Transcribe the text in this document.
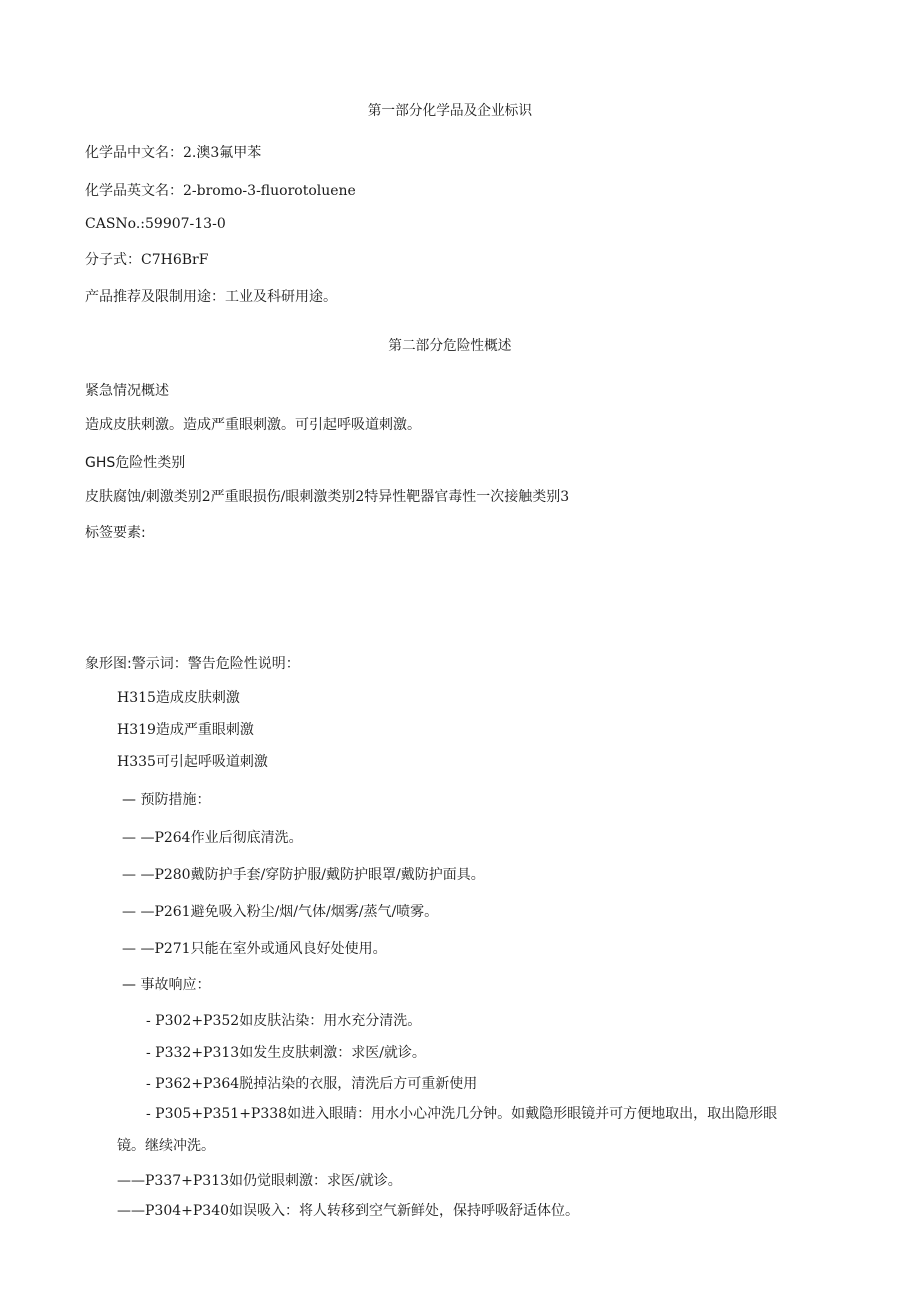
第一部分化学品及企业标识
化学品中文名：2.澳3氟甲苯
化学品英文名：2-bromo-3-fluorotoluene
CASNo.:59907-13-0
分子式：C7H6BrF
产品推荐及限制用途：工业及科研用途。
第二部分危险性概述
紧急情况概述
造成皮肤刺激。造成严重眼刺激。可引起呼吸道刺激。
GHS危险性类别
皮肤腐蚀/刺激类别2严重眼损伤/眼刺激类别2特异性靶器官毒性一次接触类别3
标签要素:
象形图:警示词：警告危险性说明：
H315造成皮肤刺激
H319造成严重眼刺激
H335可引起呼吸道刺激
— 预防措施：
— —P264作业后彻底清洗。
— —P280戴防护手套/穿防护服/戴防护眼罩/戴防护面具。
— —P261避免吸入粉尘/烟/气体/烟雾/蒸气/喷雾。
— —P271只能在室外或通风良好处使用。
— 事故响应：
- P302+P352如皮肤沾染：用水充分清洗。
- P332+P313如发生皮肤刺激：求医/就诊。
- P362+P364脱掉沾染的衣服，清洗后方可重新使用
- P305+P351+P338如进入眼睛：用水小心冲洗几分钟。如戴隐形眼镜并可方便地取出，取出隐形眼
镜。继续冲洗。
——P337+P313如仍觉眼刺激：求医/就诊。
——P304+P340如误吸入：将人转移到空气新鲜处，保持呼吸舒适体位。
